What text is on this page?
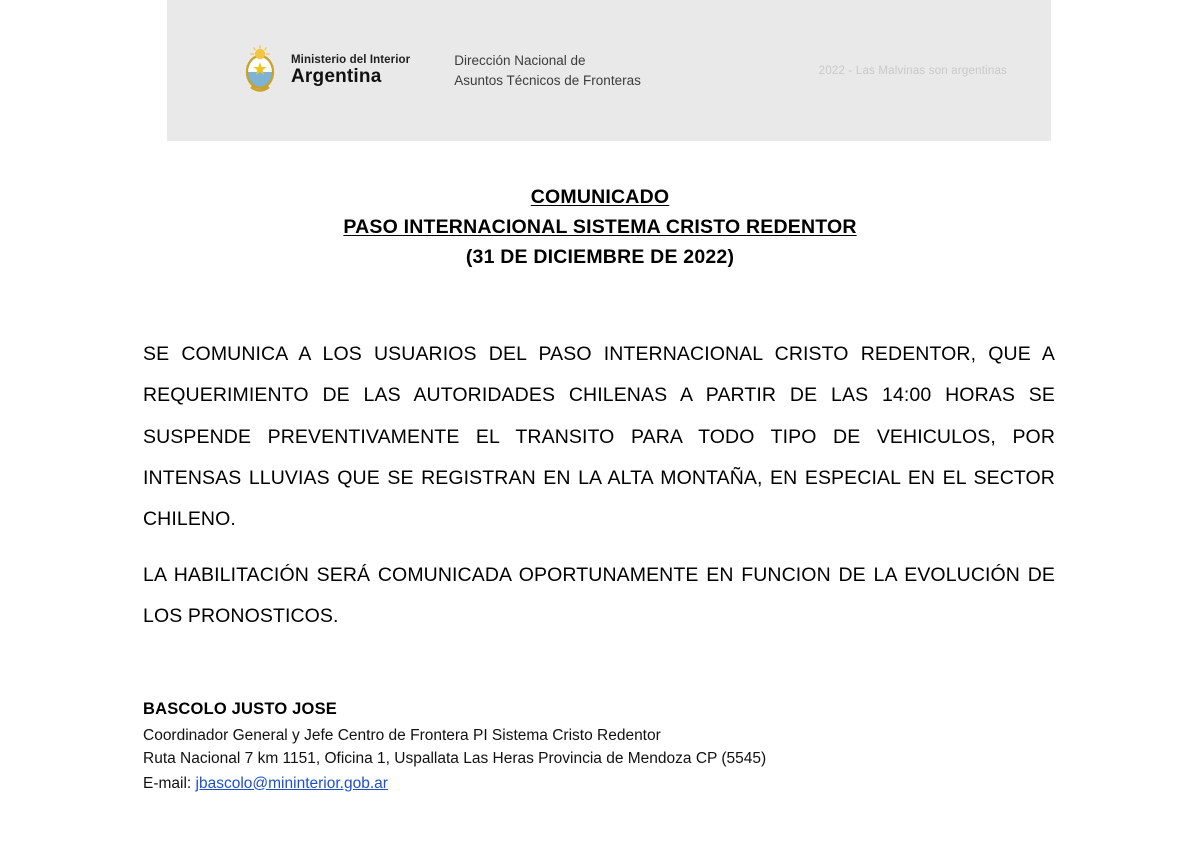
Ministerio del Interior
Argentina
Dirección Nacional de
Asuntos Técnicos de Fronteras
2022 - Las Malvinas son argentinas
COMUNICADO
PASO INTERNACIONAL SISTEMA CRISTO REDENTOR
(31 DE DICIEMBRE DE 2022)

SE COMUNICA A LOS USUARIOS DEL PASO INTERNACIONAL CRISTO REDENTOR, QUE A REQUERIMIENTO DE LAS AUTORIDADES CHILENAS A PARTIR DE LAS 14:00 HORAS SE SUSPENDE PREVENTIVAMENTE EL TRANSITO PARA TODO TIPO DE VEHICULOS, POR INTENSAS LLUVIAS QUE SE REGISTRAN EN LA ALTA MONTAÑA, EN ESPECIAL EN EL SECTOR CHILENO.

LA HABILITACIÓN SERÁ COMUNICADA OPORTUNAMENTE EN FUNCION DE LA EVOLUCIÓN DE LOS PRONOSTICOS.

BASCOLO JUSTO JOSE
Coordinador General y Jefe Centro de Frontera PI Sistema Cristo Redentor
Ruta Nacional 7 km 1151, Oficina 1, Uspallata Las Heras Provincia de Mendoza CP (5545)
E-mail: jbascolo@mininterior.gob.ar
